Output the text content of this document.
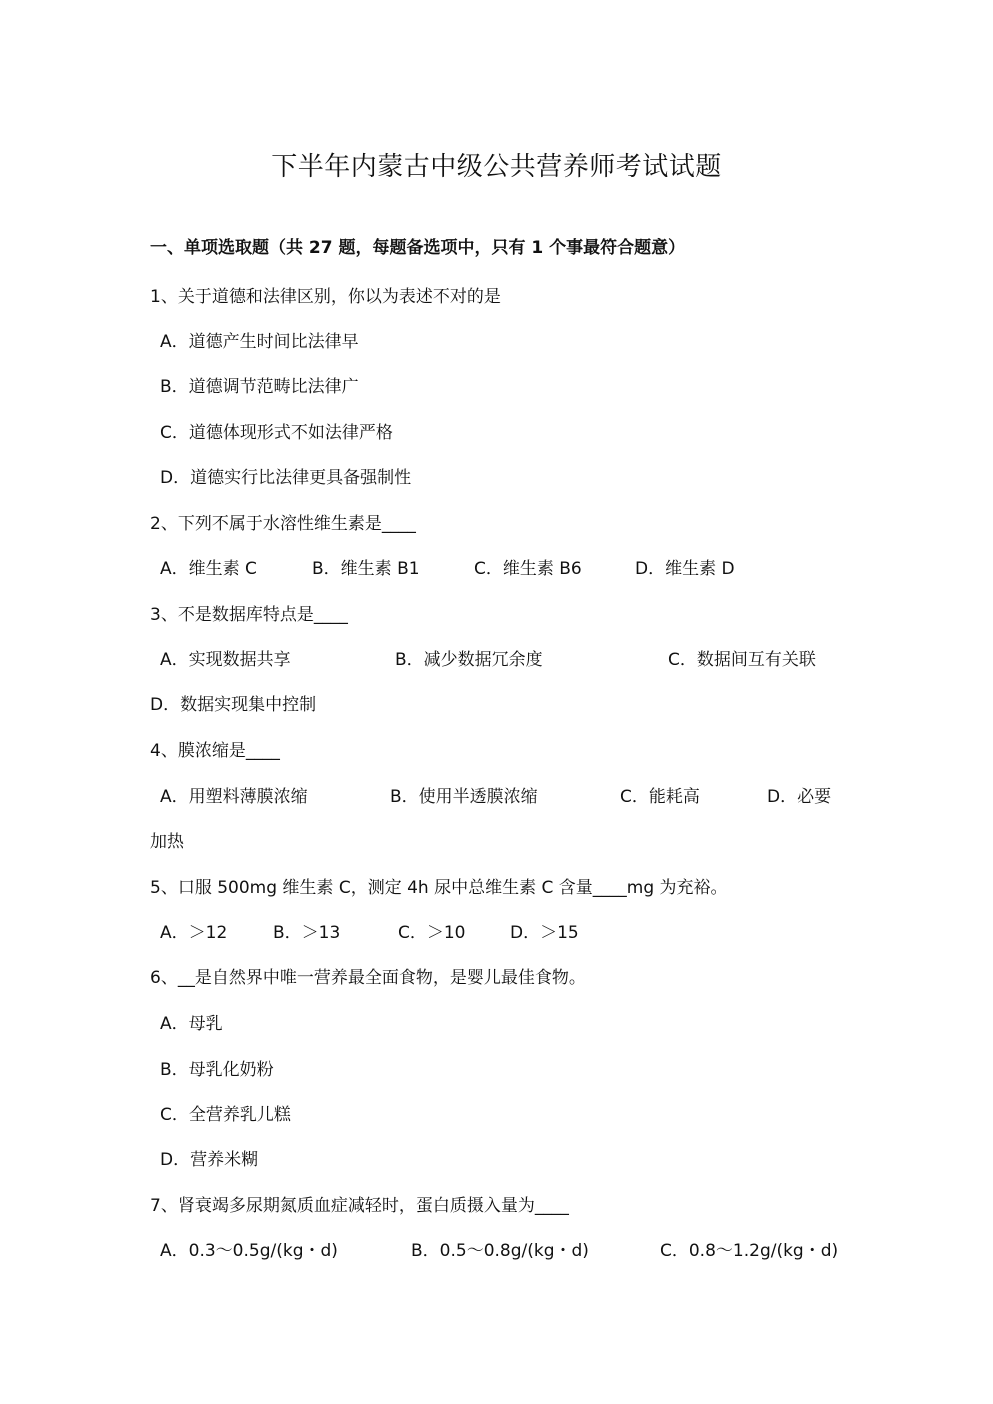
下半年内蒙古中级公共营养师考试试题
一、单项选取题（共 27 题，每题备选项中，只有 1 个事最符合题意）
1、关于道德和法律区别，你以为表述不对的是
A．道德产生时间比法律早
B．道德调节范畴比法律广
C．道德体现形式不如法律严格
D．道德实行比法律更具备强制性
2、下列不属于水溶性维生素是____
A．维生素 C	B．维生素 B1	C．维生素 B6	D．维生素 D
3、不是数据库特点是____
A．实现数据共享	B．减少数据冗余度	C．数据间互有关联
D．数据实现集中控制
4、膜浓缩是____
A．用塑料薄膜浓缩	B．使用半透膜浓缩	C．能耗高	D．必要
加热
5、口服 500mg 维生素 C，测定 4h 尿中总维生素 C 含量____mg 为充裕。
A．＞12	B．＞13	C．＞10	D．＞15
6、__是自然界中唯一营养最全面食物，是婴儿最佳食物。
A．母乳
B．母乳化奶粉
C．全营养乳儿糕
D．营养米糊
7、肾衰竭多尿期氮质血症减轻时，蛋白质摄入量为____
A．0.3～0.5g/(kg・d)	B．0.5～0.8g/(kg・d)	C．0.8～1.2g/(kg・d)
